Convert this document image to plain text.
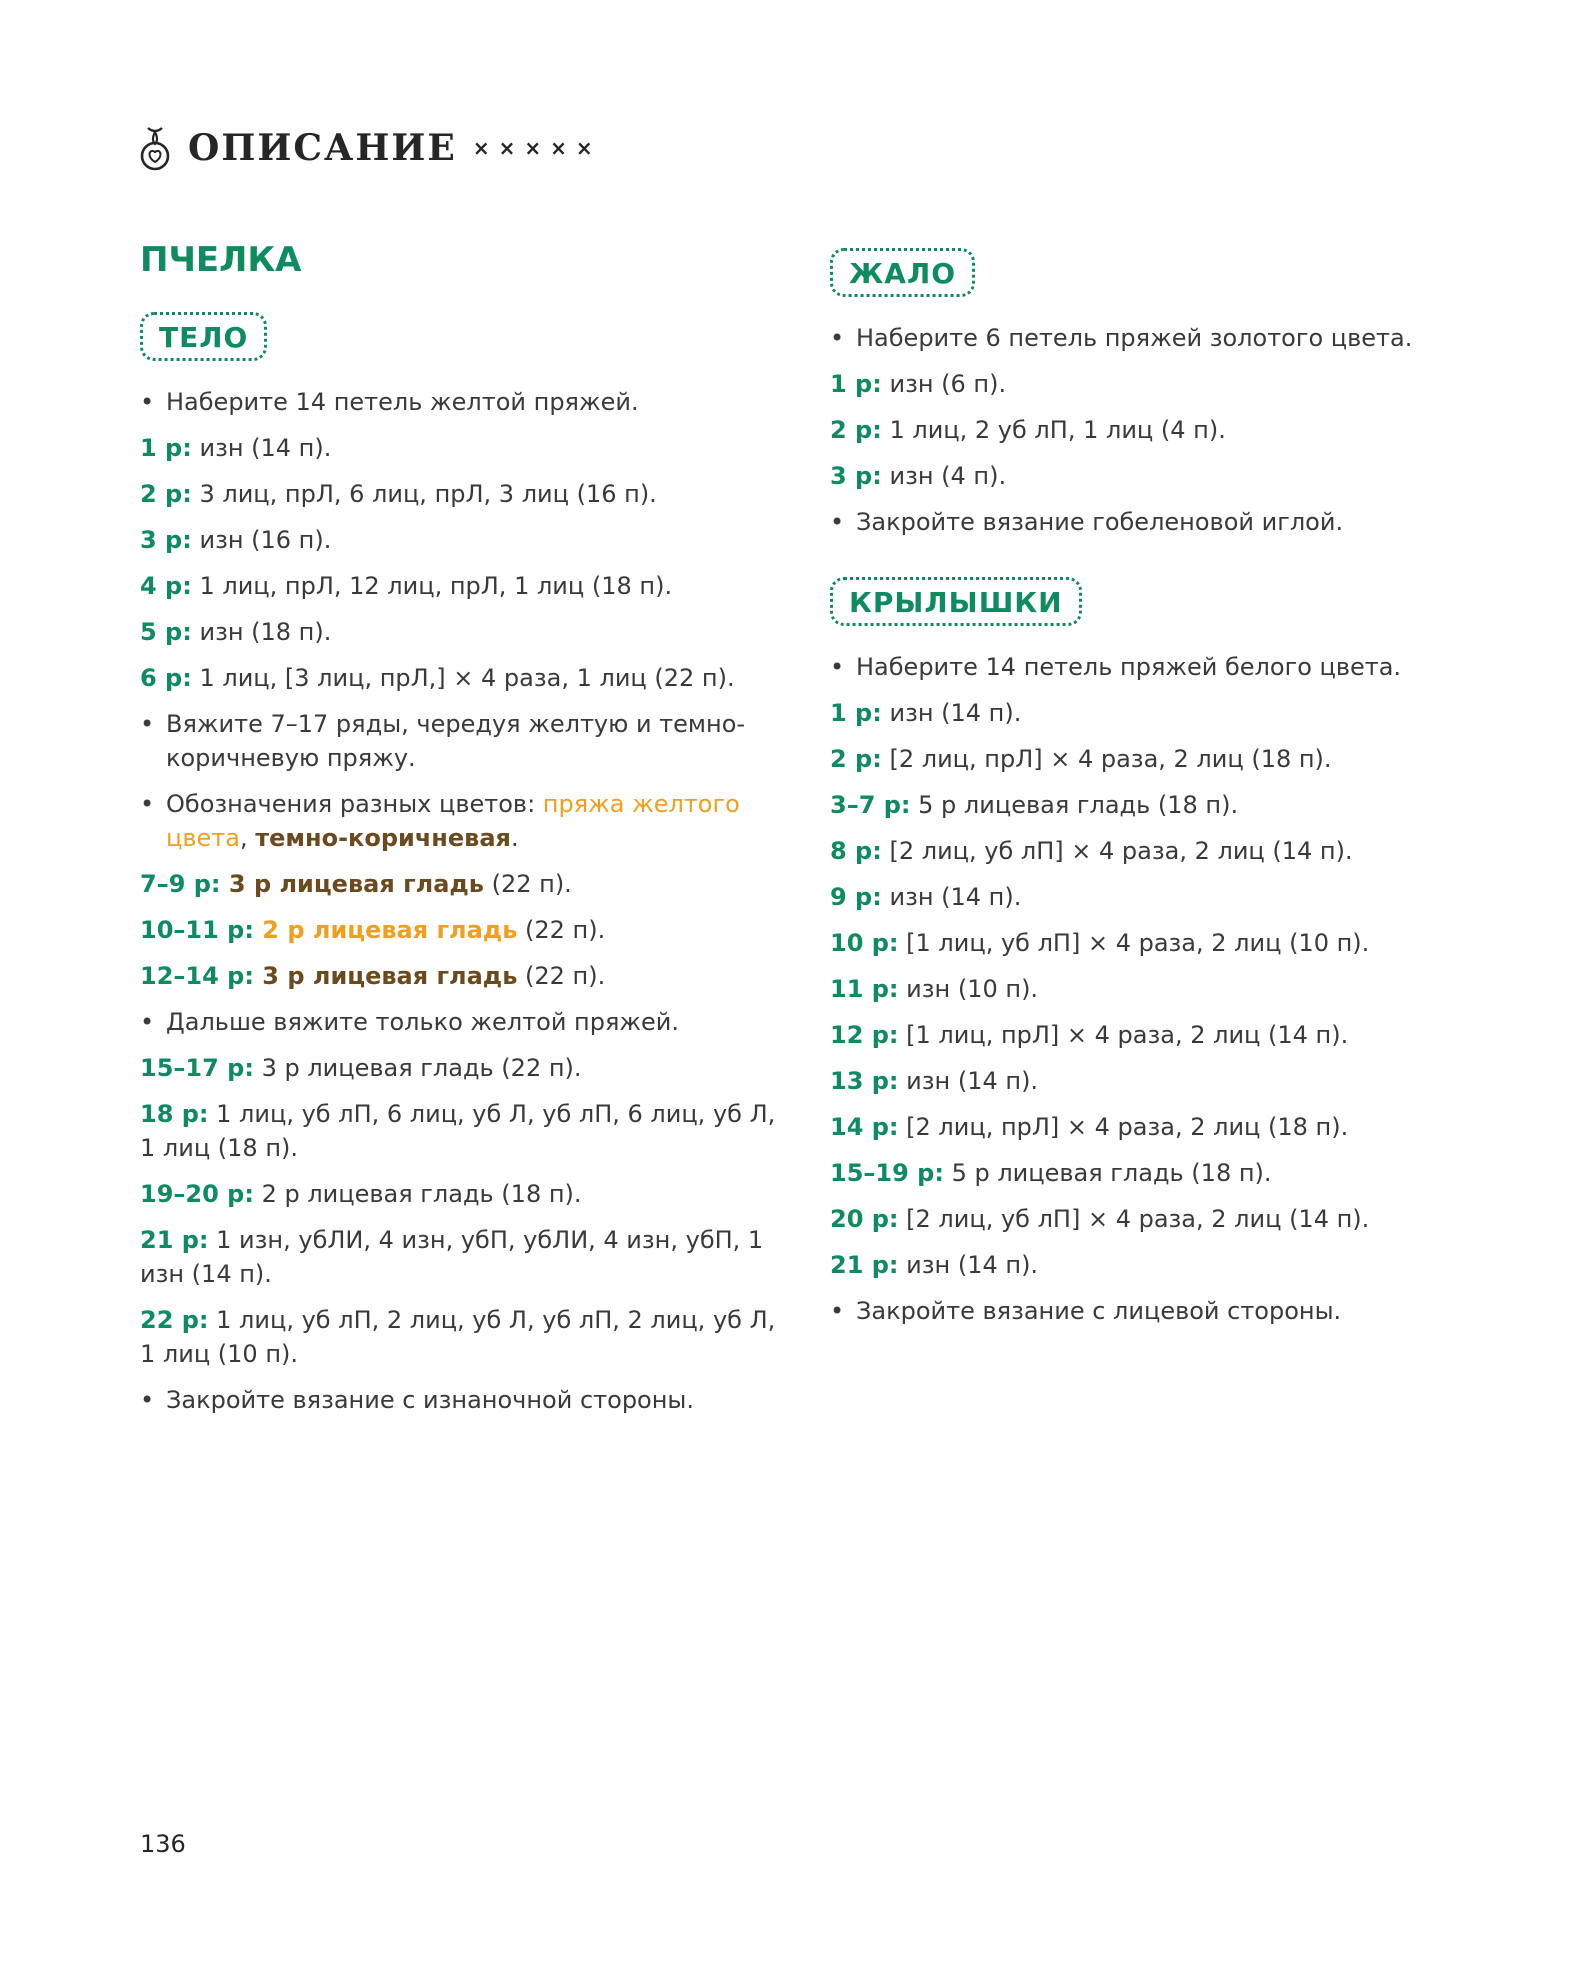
ОПИСАНИЕ ×××××
ПЧЕЛКА
ТЕЛО

• Наберите 14 петель желтой пряжей.

1 р: изн (14 п).

2 р: 3 лиц, прЛ, 6 лиц, прЛ, 3 лиц (16 п).

3 р: изн (16 п).

4 р: 1 лиц, прЛ, 12 лиц, прЛ, 1 лиц (18 п).

5 р: изн (18 п).

6 р: 1 лиц, [3 лиц, прЛ,] × 4 раза, 1 лиц (22 п).

• Вяжите 7–17 ряды, чередуя желтую и темно-коричневую пряжу.

• Обозначения разных цветов: пряжа желтого цвета, темно-коричневая.

7–9 р: 3 р лицевая гладь (22 п).

10–11 р: 2 р лицевая гладь (22 п).

12–14 р: 3 р лицевая гладь (22 п).

• Дальше вяжите только желтой пряжей.

15–17 р: 3 р лицевая гладь (22 п).

18 р: 1 лиц, уб лП, 6 лиц, уб Л, уб лП, 6 лиц, уб Л, 1 лиц (18 п).

19–20 р: 2 р лицевая гладь (18 п).

21 р: 1 изн, убЛИ, 4 изн, убП, убЛИ, 4 изн, убП, 1 изн (14 п).

22 р: 1 лиц, уб лП, 2 лиц, уб Л, уб лП, 2 лиц, уб Л, 1 лиц (10 п).

• Закройте вязание с изнаночной стороны.

ЖАЛО

• Наберите 6 петель пряжей золотого цвета.

1 р: изн (6 п).

2 р: 1 лиц, 2 уб лП, 1 лиц (4 п).

3 р: изн (4 п).

• Закройте вязание гобеленовой иглой.

КРЫЛЫШКИ

• Наберите 14 петель пряжей белого цвета.

1 р: изн (14 п).

2 р: [2 лиц, прЛ] × 4 раза, 2 лиц (18 п).

3–7 р: 5 р лицевая гладь (18 п).

8 р: [2 лиц, уб лП] × 4 раза, 2 лиц (14 п).

9 р: изн (14 п).

10 р: [1 лиц, уб лП] × 4 раза, 2 лиц (10 п).

11 р: изн (10 п).

12 р: [1 лиц, прЛ] × 4 раза, 2 лиц (14 п).

13 р: изн (14 п).

14 р: [2 лиц, прЛ] × 4 раза, 2 лиц (18 п).

15–19 р: 5 р лицевая гладь (18 п).

20 р: [2 лиц, уб лП] × 4 раза, 2 лиц (14 п).

21 р: изн (14 п).

• Закройте вязание с лицевой стороны.

136
